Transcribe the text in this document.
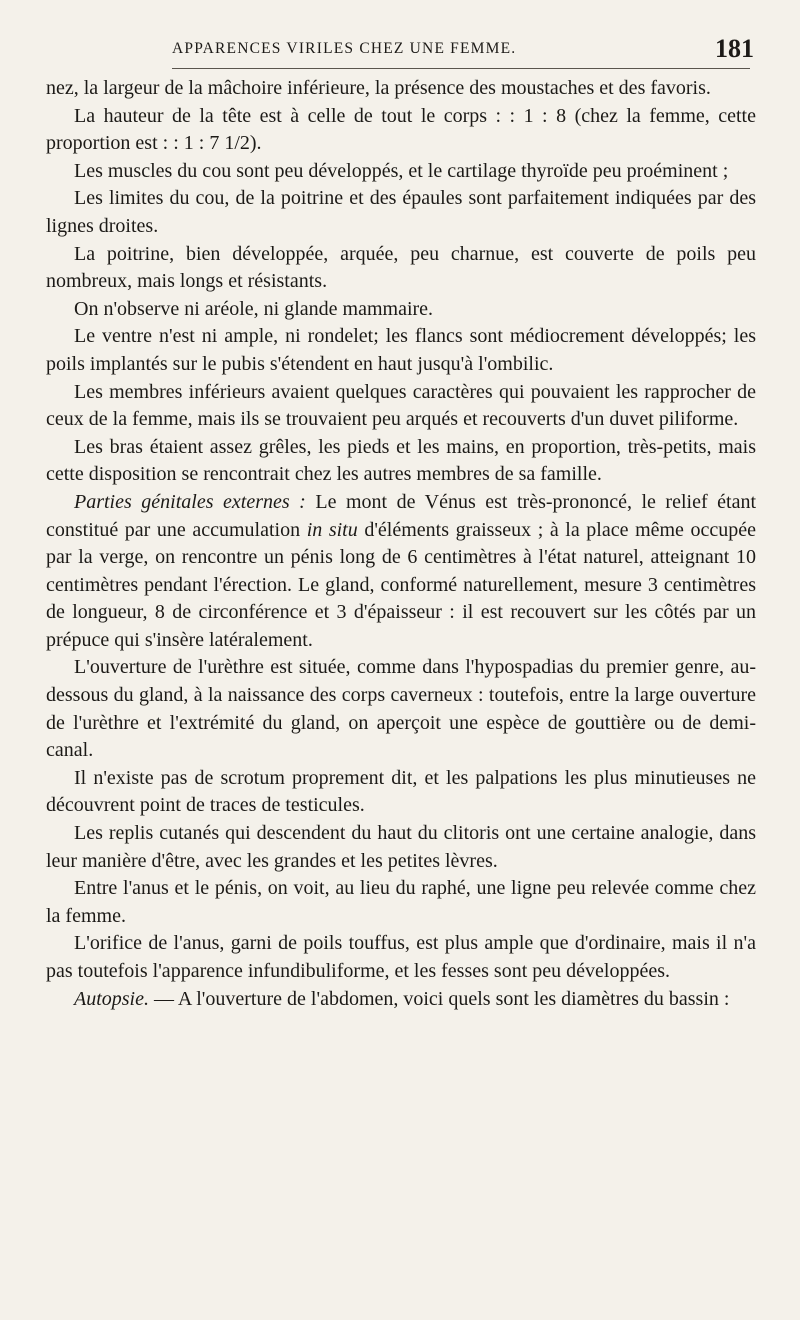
APPARENCES VIRILES CHEZ UNE FEMME.	181

nez, la largeur de la mâchoire inférieure, la présence des moustaches et des favoris.

La hauteur de la tête est à celle de tout le corps : : 1 : 8 (chez la femme, cette proportion est : : 1 : 7 1/2).

Les muscles du cou sont peu développés, et le cartilage thyroïde peu proéminent ;

Les limites du cou, de la poitrine et des épaules sont parfaitement indiquées par des lignes droites.

La poitrine, bien développée, arquée, peu charnue, est couverte de poils peu nombreux, mais longs et résistants.

On n'observe ni aréole, ni glande mammaire.

Le ventre n'est ni ample, ni rondelet; les flancs sont médiocrement développés; les poils implantés sur le pubis s'étendent en haut jusqu'à l'ombilic.

Les membres inférieurs avaient quelques caractères qui pouvaient les rapprocher de ceux de la femme, mais ils se trouvaient peu arqués et recouverts d'un duvet piliforme.

Les bras étaient assez grêles, les pieds et les mains, en proportion, très-petits, mais cette disposition se rencontrait chez les autres membres de sa famille.

Parties génitales externes : Le mont de Vénus est très-prononcé, le relief étant constitué par une accumulation in situ d'éléments graisseux ; à la place même occupée par la verge, on rencontre un pénis long de 6 centimètres à l'état naturel, atteignant 10 centimètres pendant l'érection. Le gland, conformé naturellement, mesure 3 centimètres de longueur, 8 de circonférence et 3 d'épaisseur : il est recouvert sur les côtés par un prépuce qui s'insère latéralement.

L'ouverture de l'urèthre est située, comme dans l'hypospadias du premier genre, au-dessous du gland, à la naissance des corps caverneux : toutefois, entre la large ouverture de l'urèthre et l'extrémité du gland, on aperçoit une espèce de gouttière ou de demi-canal.

Il n'existe pas de scrotum proprement dit, et les palpations les plus minutieuses ne découvrent point de traces de testicules.

Les replis cutanés qui descendent du haut du clitoris ont une certaine analogie, dans leur manière d'être, avec les grandes et les petites lèvres.

Entre l'anus et le pénis, on voit, au lieu du raphé, une ligne peu relevée comme chez la femme.

L'orifice de l'anus, garni de poils touffus, est plus ample que d'ordinaire, mais il n'a pas toutefois l'apparence infundibuliforme, et les fesses sont peu développées.

Autopsie. — A l'ouverture de l'abdomen, voici quels sont les diamètres du bassin :
